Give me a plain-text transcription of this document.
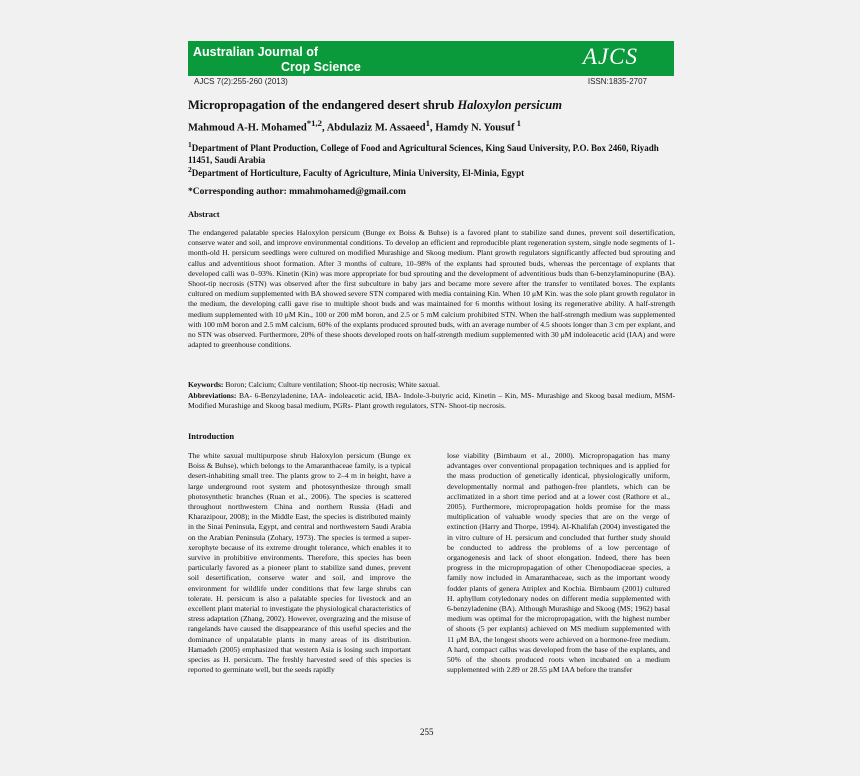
Australian Journal of
Crop Science	AJCS
AJCS 7(2):255-260 (2013)	ISSN:1835-2707
Micropropagation of the endangered desert shrub Haloxylon persicum
Mahmoud A-H. Mohamed$^{*1,2}$, Abdulaziz M. Assaeed$^1$, Hamdy N. Yousuf $^1$
$^1$Department of Plant Production, College of Food and Agricultural Sciences, King Saud University, P.O. Box 2460, Riyadh 11451, Saudi Arabia
$^2$Department of Horticulture, Faculty of Agriculture, Minia University, El-Minia, Egypt
*Corresponding author: mmahmohamed@gmail.com
Abstract
The endangered palatable species Haloxylon persicum (Bunge ex Boiss & Buhse) is a favored plant to stabilize sand dunes, prevent soil desertification, conserve water and soil, and improve environmental conditions. To develop an efficient and reproducible plant regeneration system, single node segments of 1-month-old H. persicum seedlings were cultured on modified Murashige and Skoog medium. Plant growth regulators significantly affected bud sprouting and callus and adventitious shoot formation. After 3 months of culture, 10–98% of the explants had sprouted buds, whereas the percentage of explants that developed calli was 0–93%. Kinetin (Kin) was more appropriate for bud sprouting and the development of adventitious buds than 6-benzylaminopurine (BA). Shoot-tip necrosis (STN) was observed after the first subculture in baby jars and became more severe after the transfer to ventilated boxes. The explants cultured on medium supplemented with BA showed severe STN compared with media containing Kin. When 10 μM Kin. was the sole plant growth regulator in the medium, the developing calli gave rise to multiple shoot buds and was maintained for 6 months without losing its regenerative ability. A half-strength medium supplemented with 10 μM Kin., 100 or 200 mM boron, and 2.5 or 5 mM calcium prohibited STN. When the half-strength medium was supplemented with 100 mM boron and 2.5 mM calcium, 60% of the explants produced sprouted buds, with an average number of 4.5 shoots longer than 3 cm per explant, and no STN was observed. Furthermore, 20% of these shoots developed roots on half-strength medium supplemented with 30 μM indoleacetic acid (IAA) and were adapted to greenhouse conditions.
Keywords: Boron; Calcium; Culture ventilation; Shoot-tip necrosis; White saxual.
Abbreviations: BA- 6-Benzyladenine, IAA- indoleacetic acid, IBA- Indole-3-butyric acid, Kinetin – Kin, MS- Murashige and Skoog basal medium, MSM- Modified Murashige and Skoog basal medium, PGRs- Plant growth regulators, STN- Shoot-tip necrosis.
Introduction
The white saxual multipurpose shrub Haloxylon persicum (Bunge ex Boiss & Buhse), which belongs to the Amaranthaceae family, is a typical desert-inhabiting small tree. The plants grow to 2–4 m in height, have a large underground root system and photosynthesize through small photosynthetic branches (Ruan et al., 2006). The species is scattered throughout northwestern China and northern Russia (Hadi and Kharazipour, 2008); in the Middle East, the species is distributed mainly in the Sinai Peninsula, Egypt, and central and northwestern Saudi Arabia on the Arabian Peninsula (Zohary, 1973). The species is termed a super-xerophyte because of its extreme drought tolerance, which enables it to survive in prohibitive environments. Therefore, this species has been particularly favored as a pioneer plant to stabilize sand dunes, prevent soil desertification, conserve water and soil, and improve the environment for wildlife under conditions that few large shrubs can tolerate. H. persicum is also a palatable species for livestock and an excellent plant material to investigate the physiological characteristics of stress adaptation (Zhang, 2002). However, overgrazing and the misuse of rangelands have caused the disappearance of this useful species and the dominance of unpalatable plants in many areas of its distribution. Hamadeh (2005) emphasized that western Asia is losing such important species as H. persicum. The freshly harvested seed of this species is reported to germinate well, but the seeds rapidly
lose viability (Birnbaum et al., 2000). Micropropagation has many advantages over conventional propagation techniques and is applied for the mass production of genetically identical, physiologically uniform, developmentally normal and pathogen-free plantlets, which can be acclimatized in a short time period and at a lower cost (Rathore et al., 2005). Furthermore, micropropagation holds promise for the mass multiplication of valuable woody species that are on the verge of extinction (Harry and Thorpe, 1994). Al-Khalifah (2004) investigated the in vitro culture of H. persicum and concluded that further study should be conducted to address the problems of a low percentage of organogenesis and lack of shoot elongation. Indeed, there has been progress in the micropropagation of other Chenopodiaceae species, a family now included in Amaranthaceae, such as the important woody fodder plants of genera Atriplex and Kochia. Birnbaum (2001) cultured H. aphyllum cotyledonary nodes on different media supplemented with 6-benzyladenine (BA). Although Murashige and Skoog (MS; 1962) basal medium was optimal for the micropropagation, with the highest number of shoots (5 per explants) achieved on MS medium supplemented with 11 μM BA, the longest shoots were achieved on a hormone-free medium. A hard, compact callus was developed from the base of the explants, and 50% of the shoots produced roots when incubated on a medium supplemented with 2.89 or 28.55 μM IAA before the transfer
255
